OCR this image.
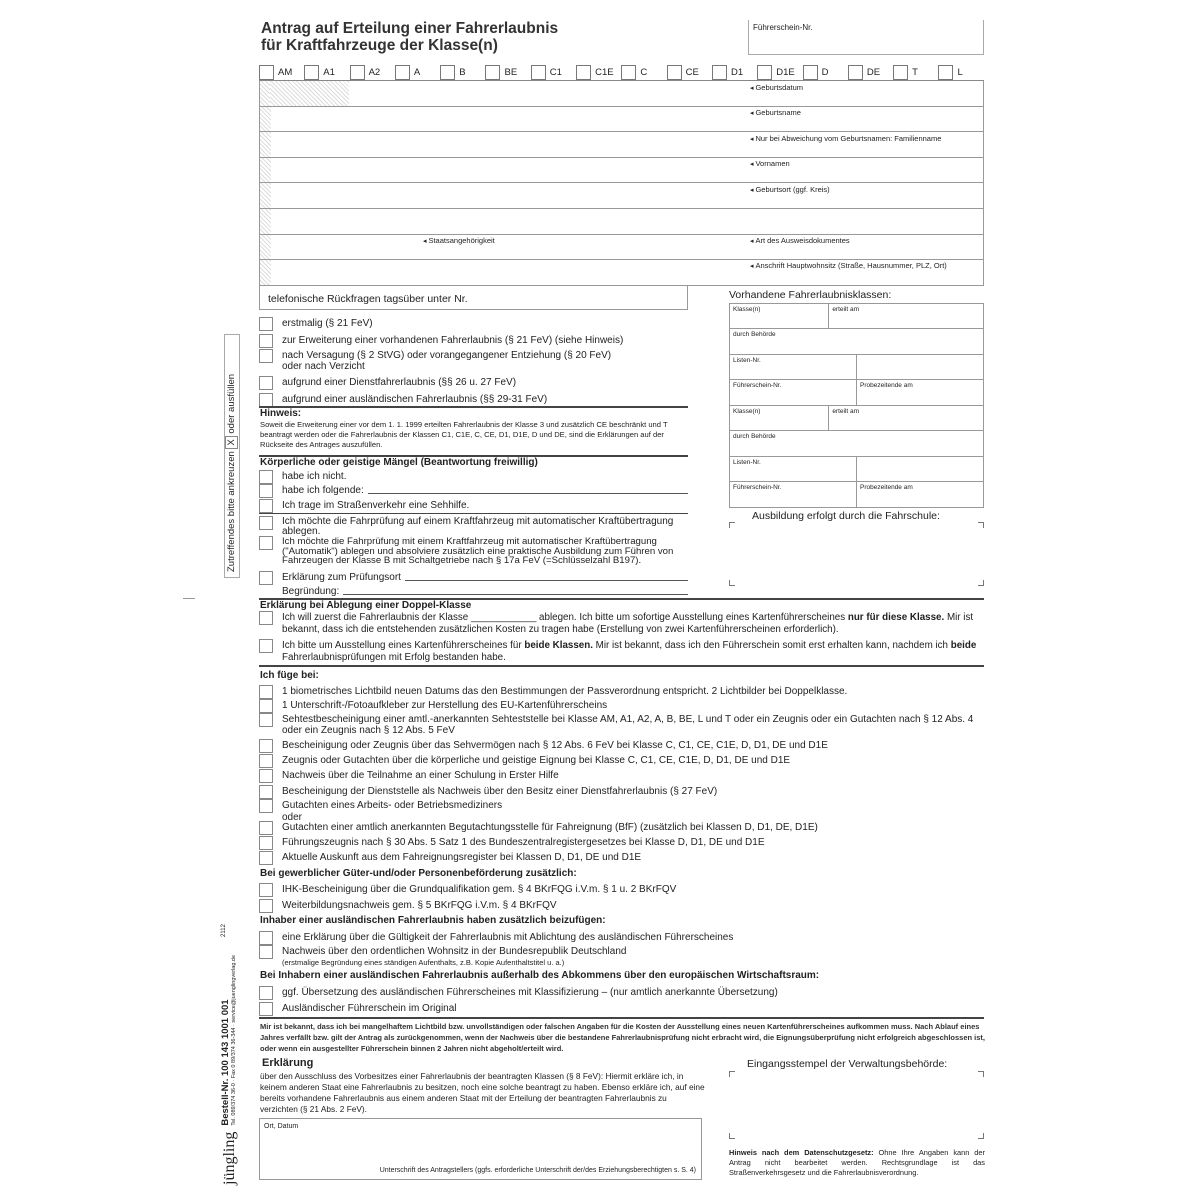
Antrag auf Erteilung einer Fahrerlaubnis
für Kraftfahrzeuge der Klasse(n)
Führerschein-Nr.
AM	A1	A2	A	B	BE	C1	C1E	C	CE	D1	D1E	D	DE	T	L
◂ Geburtsdatum
◂ Geburtsname
◂ Nur bei Abweichung vom Geburtsnamen: Familienname
◂ Vornamen
◂ Geburtsort (ggf. Kreis)
◂ Staatsangehörigkeit	◂ Art des Ausweisdokumentes
◂ Anschrift Hauptwohnsitz (Straße, Hausnummer, PLZ, Ort)
telefonische Rückfragen tagsüber unter Nr.
erstmalig (§ 21 FeV)
zur Erweiterung einer vorhandenen Fahrerlaubnis (§ 21 FeV) (siehe Hinweis)
nach Versagung (§ 2 StVG) oder vorangegangener Entziehung (§ 20 FeV)
oder nach Verzicht
aufgrund einer Dienstfahrerlaubnis (§§ 26 u. 27 FeV)
aufgrund einer ausländischen Fahrerlaubnis (§§ 29-31 FeV)
Hinweis:
Soweit die Erweiterung einer vor dem 1. 1. 1999 erteilten Fahrerlaubnis der Klasse 3 und zusätzlich CE beschränkt und T beantragt werden oder die Fahrerlaubnis der Klassen C1, C1E, C, CE, D1, D1E, D und DE, sind die Erklärungen auf der Rückseite des Antrages auszufüllen.
Körperliche oder geistige Mängel (Beantwortung freiwillig)
habe ich nicht.
habe ich folgende:
Ich trage im Straßenverkehr eine Sehhilfe.
Ich möchte die Fahrprüfung auf einem Kraftfahrzeug mit automatischer Kraftübertragung ablegen.
Ich möchte die Fahrprüfung mit einem Kraftfahrzeug mit automatischer Kraftübertragung ("Automatik") ablegen und absolviere zusätzlich eine praktische Ausbildung zum Führen von Fahrzeugen der Klasse B mit Schaltgetriebe nach § 17a FeV (=Schlüsselzahl B197).
Erklärung zum Prüfungsort
Begründung:
Vorhandene Fahrerlaubnisklassen:
Klasse(n)	erteilt am
durch Behörde
Listen-Nr.
Führerschein-Nr.	Probezeitende am
Klasse(n)	erteilt am
durch Behörde
Listen-Nr.
Führerschein-Nr.	Probezeitende am
Ausbildung erfolgt durch die Fahrschule:
Zutreffendes bitte ankreuzen X oder ausfüllen
Erklärung bei Ablegung einer Doppel-Klasse
Ich will zuerst die Fahrerlaubnis der Klasse ____________ ablegen. Ich bitte um sofortige Ausstellung eines Kartenführerscheines nur für diese Klasse. Mir ist bekannt, dass ich die entstehenden zusätzlichen Kosten zu tragen habe (Erstellung von zwei Kartenführerscheinen erforderlich).
Ich bitte um Ausstellung eines Kartenführerscheines für beide Klassen. Mir ist bekannt, dass ich den Führerschein somit erst erhalten kann, nachdem ich beide Fahrerlaubnisprüfungen mit Erfolg bestanden habe.
Ich füge bei:
1 biometrisches Lichtbild neuen Datums das den Bestimmungen der Passverordnung entspricht. 2 Lichtbilder bei Doppelklasse.
1 Unterschrift-/Fotoaufkleber zur Herstellung des EU-Kartenführerscheins
Sehtestbescheinigung einer amtl.-anerkannten Sehteststelle bei Klasse AM, A1, A2, A, B, BE, L und T oder ein Zeugnis oder ein Gutachten nach § 12 Abs. 4 oder ein Zeugnis nach § 12 Abs. 5 FeV
Bescheinigung oder Zeugnis über das Sehvermögen nach § 12 Abs. 6 FeV bei Klasse C, C1, CE, C1E, D, D1, DE und D1E
Zeugnis oder Gutachten über die körperliche und geistige Eignung bei Klasse C, C1, CE, C1E, D, D1, DE und D1E
Nachweis über die Teilnahme an einer Schulung in Erster Hilfe
Bescheinigung der Dienststelle als Nachweis über den Besitz einer Dienstfahrerlaubnis (§ 27 FeV)
Gutachten eines Arbeits- oder Betriebsmediziners
oder
Gutachten einer amtlich anerkannten Begutachtungsstelle für Fahreignung (BfF) (zusätzlich bei Klassen D, D1, DE, D1E)
Führungszeugnis nach § 30 Abs. 5 Satz 1 des Bundeszentralregistergesetzes bei Klasse D, D1, DE und D1E
Aktuelle Auskunft aus dem Fahreignungsregister bei Klassen D, D1, DE und D1E
Bei gewerblicher Güter-und/oder Personenbeförderung zusätzlich:
IHK-Bescheinigung über die Grundqualifikation gem. § 4 BKrFQG i.V.m. § 1 u. 2 BKrFQV
Weiterbildungsnachweis gem. § 5 BKrFQG i.V.m. § 4 BKrFQV
Inhaber einer ausländischen Fahrerlaubnis haben zusätzlich beizufügen:
eine Erklärung über die Gültigkeit der Fahrerlaubnis mit Ablichtung des ausländischen Führerscheines
Nachweis über den ordentlichen Wohnsitz in der Bundesrepublik Deutschland
(erstmalige Begründung eines ständigen Aufenthalts, z.B. Kopie Aufenthaltstitel u. a.)
Bei Inhabern einer ausländischen Fahrerlaubnis außerhalb des Abkommens über den europäischen Wirtschaftsraum:
ggf. Übersetzung des ausländischen Führerscheines mit Klassifizierung – (nur amtlich anerkannte Übersetzung)
Ausländischer Führerschein im Original
Mir ist bekannt, dass ich bei mangelhaftem Lichtbild bzw. unvollständigen oder falschen Angaben für die Kosten der Ausstellung eines neuen Kartenführerscheines aufkommen muss. Nach Ablauf eines Jahres verfällt bzw. gilt der Antrag als zurückgenommen, wenn der Nachweis über die bestandene Fahrerlaubnisprüfung nicht erbracht wird, die Eignungsüberprüfung nicht erfolgreich abgeschlossen ist, oder wenn ein ausgestellter Führerschein binnen 2 Jahren nicht abgeholt/erteilt wird.
Erklärung
über den Ausschluss des Vorbesitzes einer Fahrerlaubnis der beantragten Klassen (§ 8 FeV): Hiermit erkläre ich, in keinem anderen Staat eine Fahrerlaubnis zu besitzen, noch eine solche beantragt zu haben. Ebenso erkläre ich, auf eine bereits vorhandene Fahrerlaubnis aus einem anderen Staat mit der Erteilung der beantragten Fahrerlaubnis zu verzichten (§ 21 Abs. 2 FeV).
Ort, Datum
Unterschrift des Antragstellers (ggfs. erforderliche Unterschrift der/des Erziehungsberechtigten s. S. 4)
Eingangsstempel der Verwaltungsbehörde:
Hinweis nach dem Datenschutzgesetz: Ohne Ihre Angaben kann der Antrag nicht bearbeitet werden. Rechtsgrundlage ist das Straßenverkehrsgesetz und die Fahrerlaubnisverordnung.
jüngling
Bestell-Nr. 100 143 1001 001 Tel. 089/374 36-0 · Fax 0 89/374 36-344 · service@juenglingverlag.de
2112
